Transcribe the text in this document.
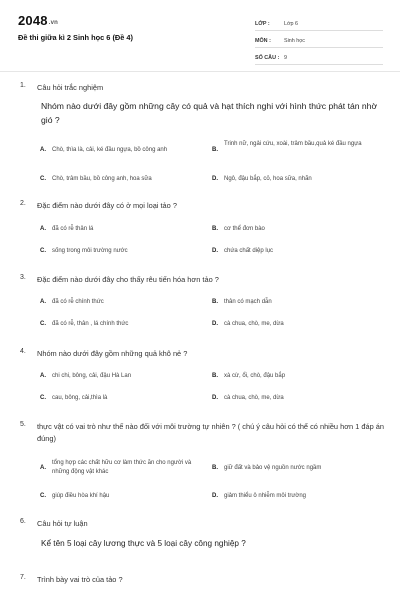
2048.vn
Đề thi giữa kì 2 Sinh học 6 (Đề 4)
LỚP :	Lớp 6
MÔN :	Sinh học
SỐ CÂU : 9
1. Câu hỏi trắc nghiệm
Nhóm nào dưới đây gồm những cây có quả và hạt thích nghi với hình thức phát tán nhờ gió ?
A.	Chò, thìa là, cải, ké đầu ngựa, bồ công anh	B.
Trinh nữ, ngải cứu, xoài, trâm bầu,quả ké đầu ngựa
C.	Chò, trâm bầu, bồ công anh, hoa sữa	D.	Ngô, đậu bắp, cỏ, hoa sữa, nhãn
2. Đặc điểm nào dưới đây có ở mọi loại tảo ?
A.	đã có rễ thân lá	B.	cơ thể đơn bào
C.	sống trong môi trường nước	D.	chứa chất diệp lục
3. Đặc điểm nào dưới đây cho thấy rêu tiến hóa hơn tảo ?
A.	đã có rễ chính thức	B.	thân có mạch dẫn
C.	đã có rễ, thân , lá chính thức	D.	cà chua, chò, me, dừa
4. Nhóm nào dưới đây gồm những quả khô nẻ ?
A.	chi chi, bông, cải, đậu Hà Lan	B.	xà cừ, ổi, chò, đậu bắp
C.	cau, bông, cải,thìa là	D.	cà chua, chò, me, dừa
5. thực vật có vai trò như thế nào đối với môi trường tự nhiên ? ( chú ý câu hỏi có thể có nhiều hơn 1 đáp án đúng)
A.
tổng hợp các chất hữu cơ làm thức ăn cho người và những động vật khác
B.	giữ đất và bảo vệ nguồn nước ngầm
C.	giúp điều hòa khí hậu	D.	giảm thiểu ô nhiễm môi trường
6. Câu hỏi tự luận
Kể tên 5 loại cây lương thực và 5 loại cây công nghiệp ?
7. Trình bày vai trò của tảo ?
